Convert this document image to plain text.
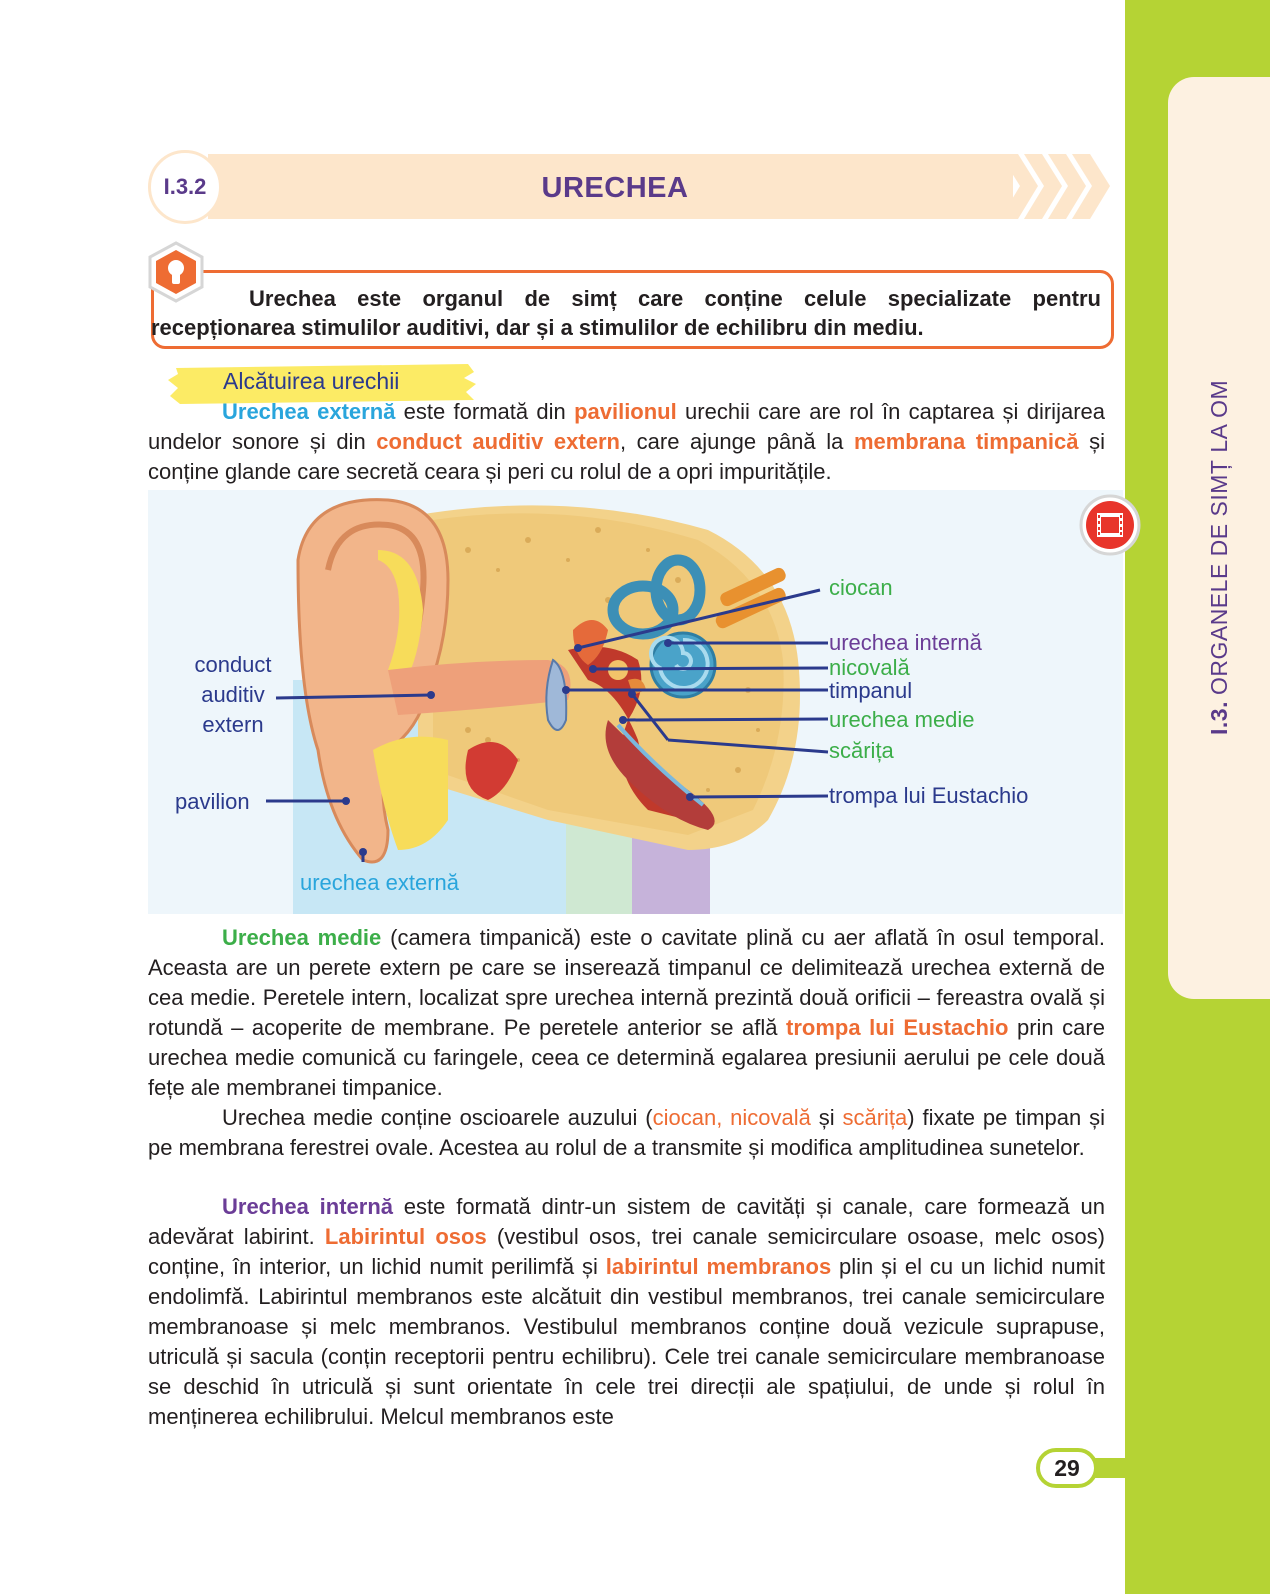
I.3.ORGANELE DE SIMȚ LA OM
I.3.2	URECHEA
Urechea este organul de simț care conține celule specializate pentru recepționarea stimulilor auditivi, dar și a stimulilor de echilibru din mediu.
Alcătuirea urechii
Urechea externă este formată din pavilionul urechii care are rol în captarea și dirijarea undelor sonore și din conduct auditiv extern, care ajunge până la membrana timpanică și conține glande care secretă ceara și peri cu rolul de a opri impuritățile.
conduct
auditiv
extern
pavilion
urechea externă
ciocan
urechea internă
nicovală
timpanul
urechea medie
scărița
trompa lui Eustachio
Urechea medie (camera timpanică) este o cavitate plină cu aer aflată în osul temporal. Aceasta are un perete extern pe care se inserează timpanul ce delimitează urechea externă de cea medie. Peretele intern, localizat spre urechea internă prezintă două orificii – fereastra ovală și rotundă – acoperite de membrane. Pe peretele anterior se află trompa lui Eustachio prin care urechea medie comunică cu faringele, ceea ce determină egalarea presiunii aerului pe cele două fețe ale membranei timpanice.
Urechea medie conține oscioarele auzului (ciocan, nicovală și scărița) fixate pe timpan și pe membrana ferestrei ovale. Acestea au rolul de a transmite și modifica amplitudinea sunetelor.
Urechea internă este formată dintr-un sistem de cavități și canale, care formează un adevărat labirint. Labirintul osos (vestibul osos, trei canale semicirculare osoase, melc osos) conține, în interior, un lichid numit perilimfă și labirintul membranos plin și el cu un lichid numit endolimfă. Labirintul membranos este alcătuit din vestibul membranos, trei canale semicirculare membranoase și melc membranos. Vestibulul membranos conține două vezicule suprapuse, utriculă și sacula (conțin receptorii pentru echilibru). Cele trei canale semicirculare membranoase se deschid în utriculă și sunt orientate în cele trei direcții ale spațiului, de unde și rolul în menținerea echilibrului. Melcul membranos este
29
